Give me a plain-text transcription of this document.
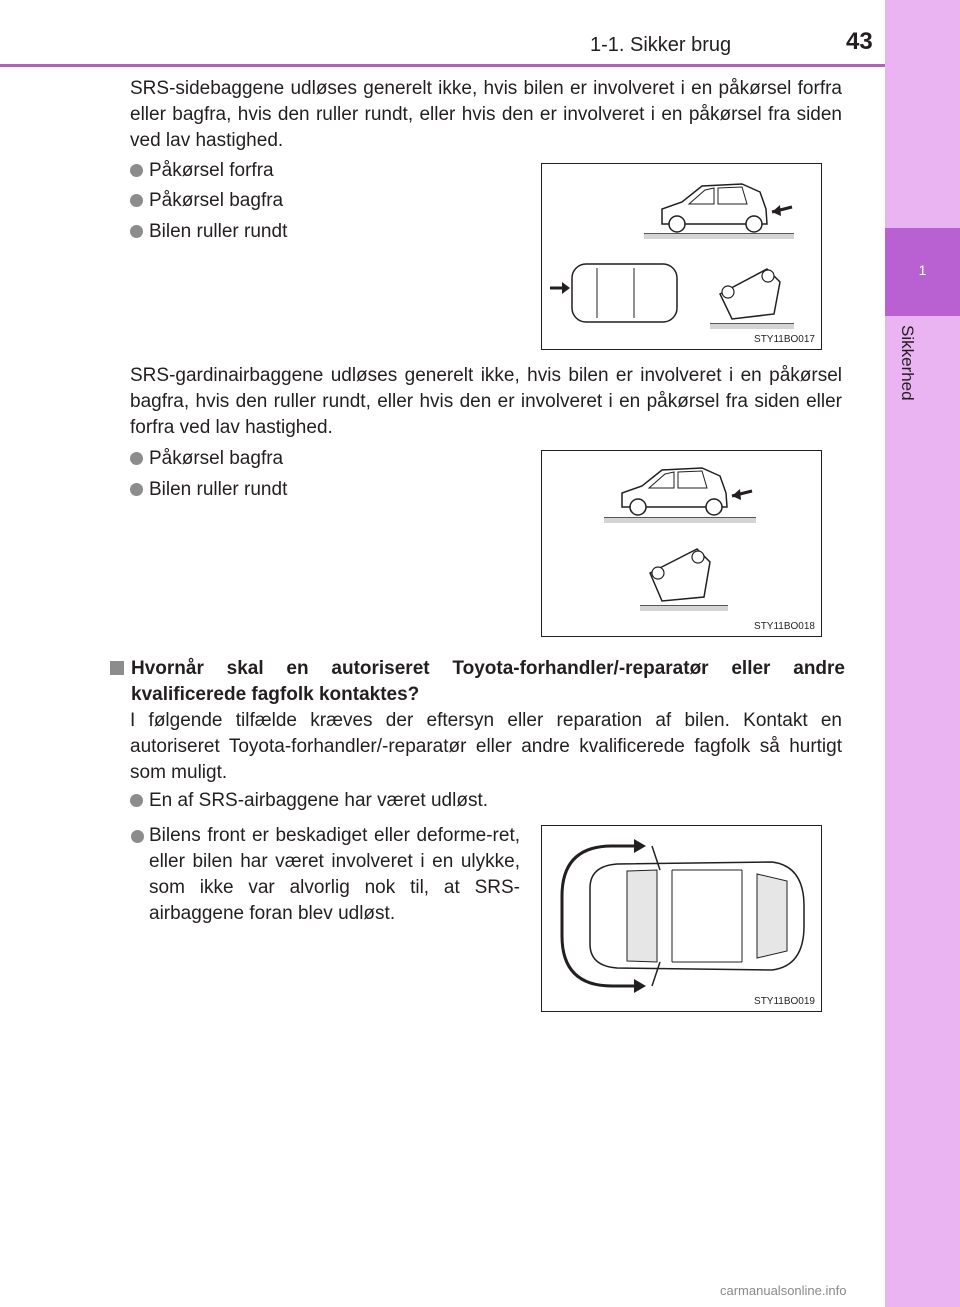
1-1. Sikker brug	43
1
Sikkerhed

SRS-sidebaggene udløses generelt ikke, hvis bilen er involveret i en påkørsel forfra eller bagfra, hvis den ruller rundt, eller hvis den er involveret i en påkørsel fra siden ved lav hastighed.

Påkørsel forfra
Påkørsel bagfra
Bilen ruller rundt
STY11BO017

SRS-gardinairbaggene udløses generelt ikke, hvis bilen er involveret i en påkørsel bagfra, hvis den ruller rundt, eller hvis den er involveret i en påkørsel fra siden eller forfra ved lav hastighed.

Påkørsel bagfra
Bilen ruller rundt
STY11BO018
Hvornår skal en autoriseret Toyota-forhandler/-reparatør eller andre kvalificerede fagfolk kontaktes?

I følgende tilfælde kræves der eftersyn eller reparation af bilen. Kontakt en autoriseret Toyota-forhandler/-reparatør eller andre kvalificerede fagfolk så hurtigt som muligt.

En af SRS-airbaggene har været udløst.
Bilens front er beskadiget eller deforme-ret, eller bilen har været involveret i en ulykke, som ikke var alvorlig nok til, at SRS-airbaggene foran blev udløst.
STY11BO019
carmanualsonline.info
